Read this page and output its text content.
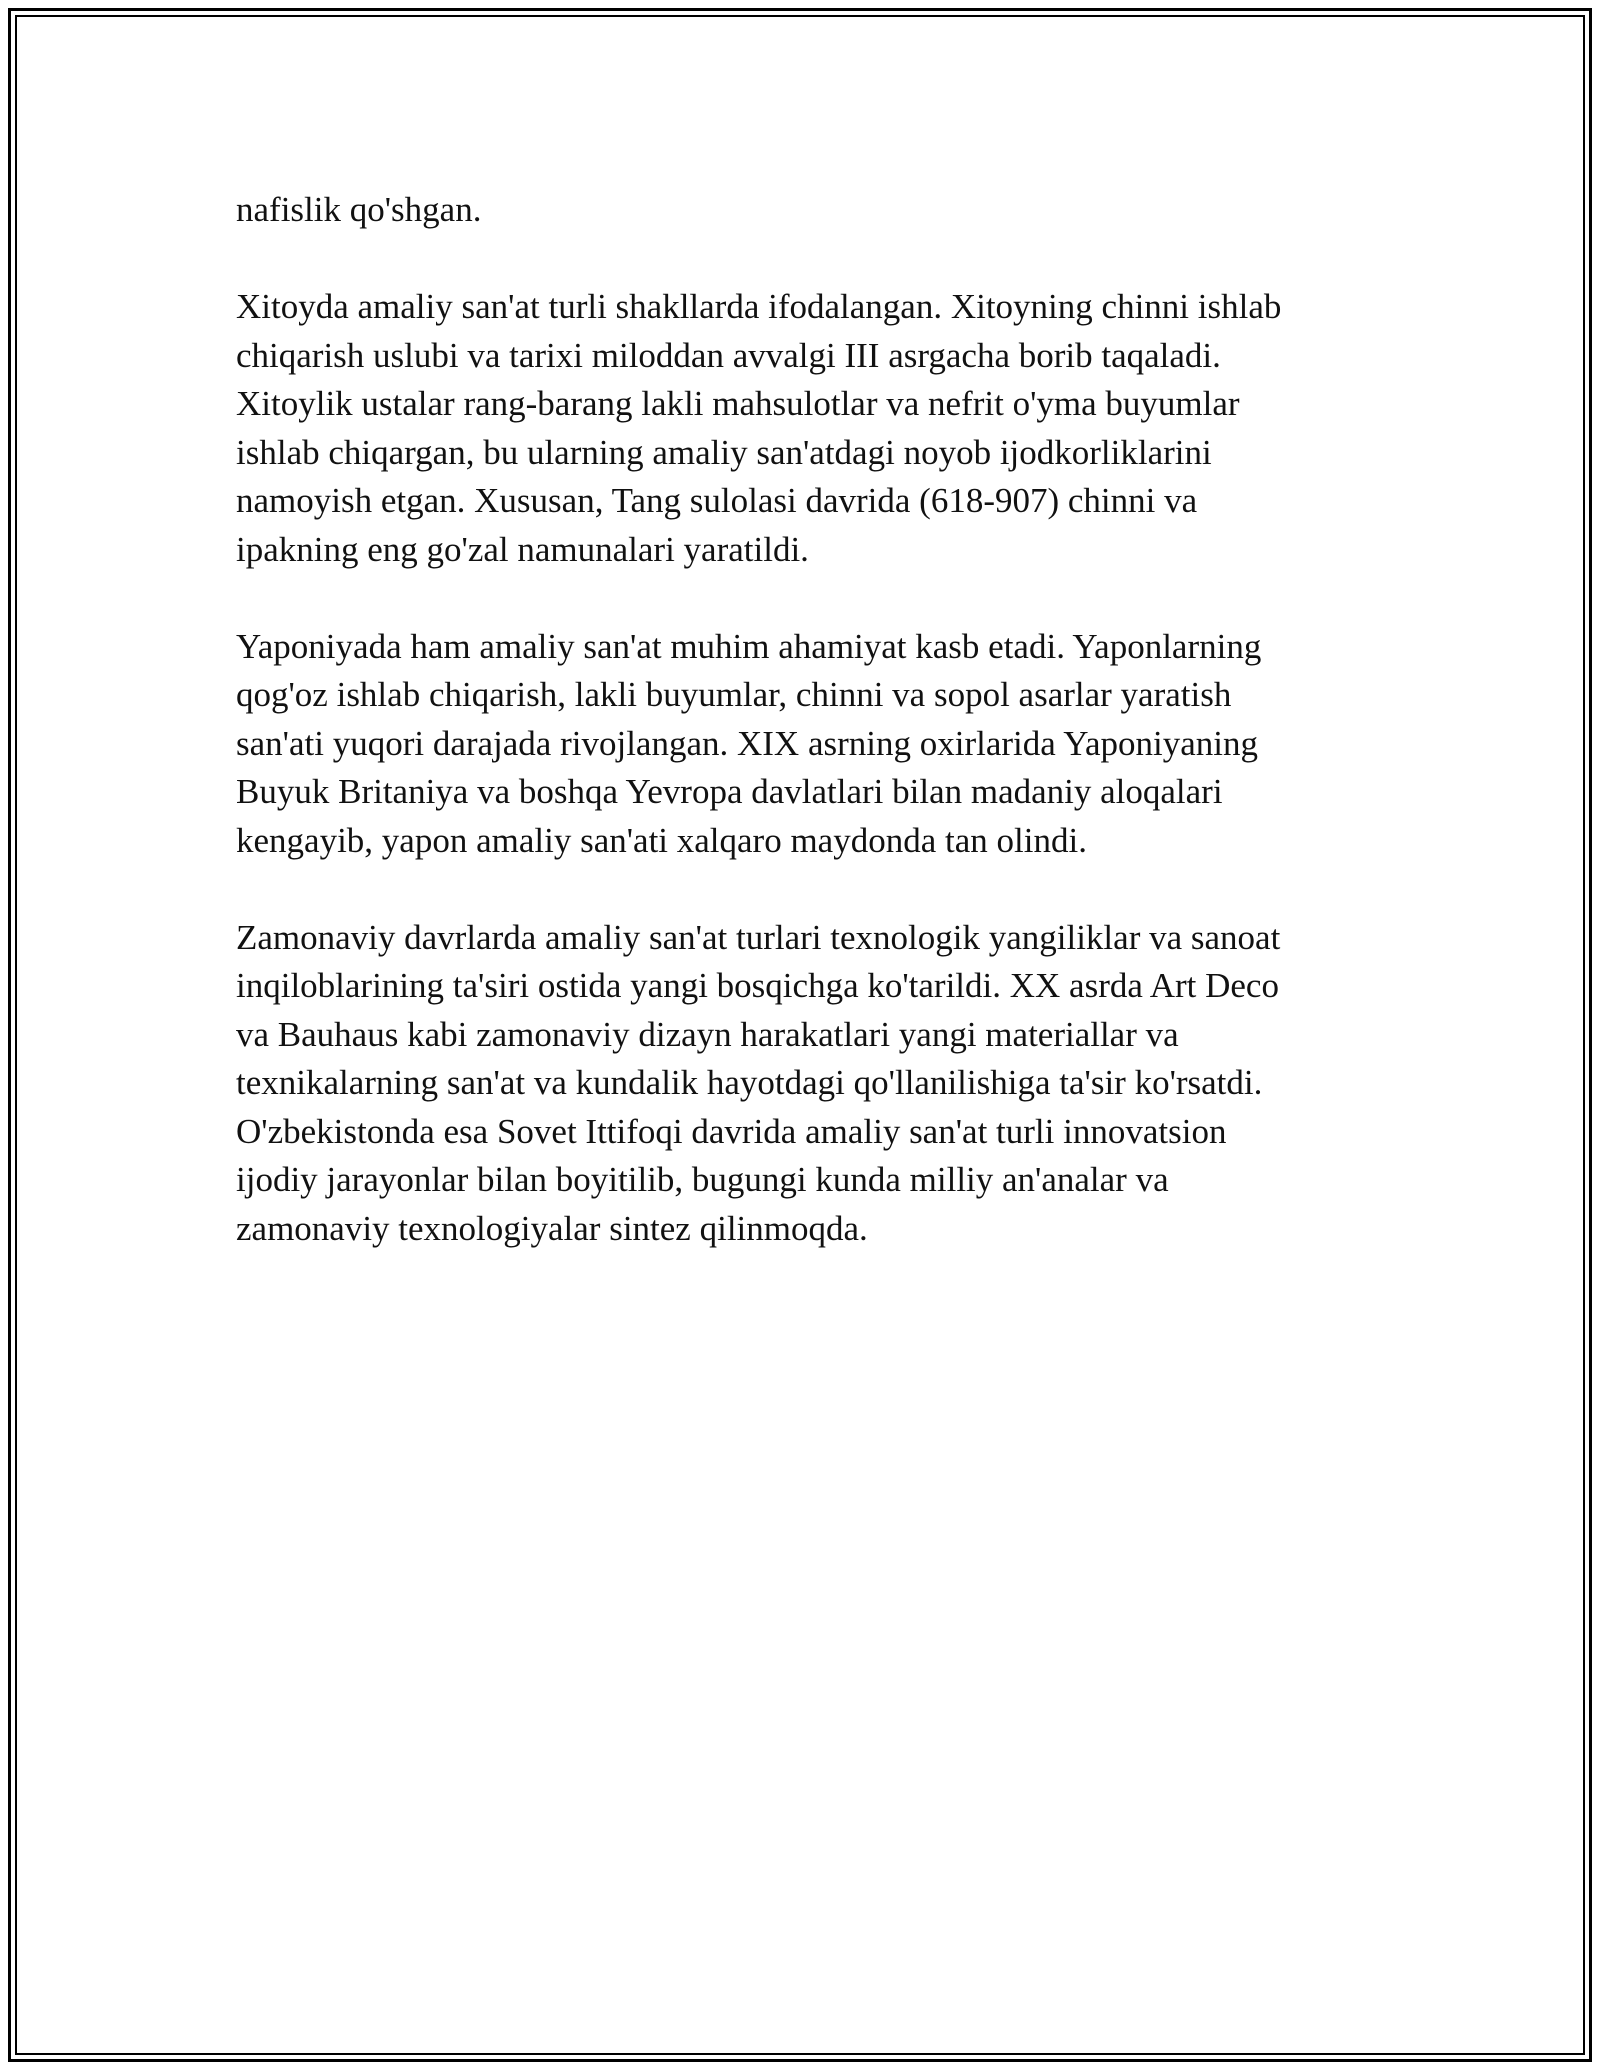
nafislik qo'shgan.

Xitoyda amaliy san'at turli shakllarda ifodalangan. Xitoyning chinni ishlab
chiqarish uslubi va tarixi miloddan avvalgi III asrgacha borib taqaladi.
Xitoylik ustalar rang-barang lakli mahsulotlar va nefrit o'yma buyumlar
ishlab chiqargan, bu ularning amaliy san'atdagi noyob ijodkorliklarini
namoyish etgan. Xususan, Tang sulolasi davrida (618-907) chinni va
ipakning eng go'zal namunalari yaratildi.

Yaponiyada ham amaliy san'at muhim ahamiyat kasb etadi. Yaponlarning
qog'oz ishlab chiqarish, lakli buyumlar, chinni va sopol asarlar yaratish
san'ati yuqori darajada rivojlangan. XIX asrning oxirlarida Yaponiyaning
Buyuk Britaniya va boshqa Yevropa davlatlari bilan madaniy aloqalari
kengayib, yapon amaliy san'ati xalqaro maydonda tan olindi.

Zamonaviy davrlarda amaliy san'at turlari texnologik yangiliklar va sanoat
inqiloblarining ta'siri ostida yangi bosqichga ko'tarildi. XX asrda Art Deco
va Bauhaus kabi zamonaviy dizayn harakatlari yangi materiallar va
texnikalarning san'at va kundalik hayotdagi qo'llanilishiga ta'sir ko'rsatdi.
O'zbekistonda esa Sovet Ittifoqi davrida amaliy san'at turli innovatsion
ijodiy jarayonlar bilan boyitilib, bugungi kunda milliy an'analar va
zamonaviy texnologiyalar sintez qilinmoqda.
